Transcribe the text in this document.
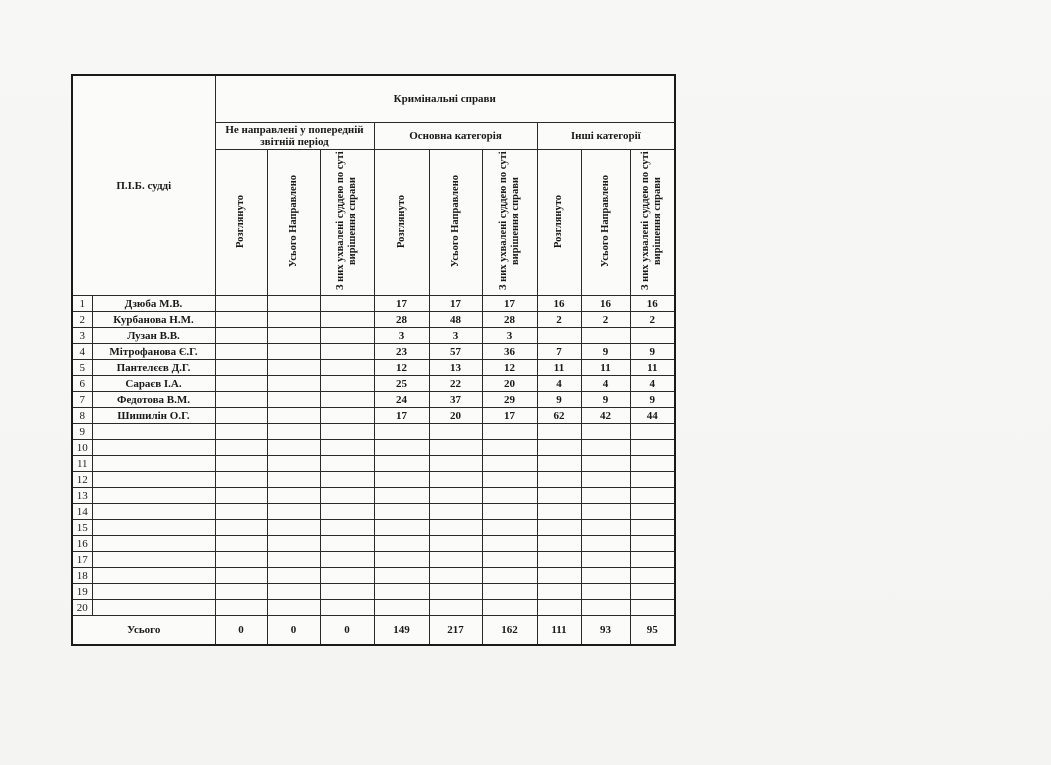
П.І.Б. судді		Кримінальні справи								
		Не направлені у попередній звітній період			Основна категорія			Інші категорії		
		Розглянуто	Усього Направлено	З них ухвалені суддею по суті вирішення справи	Розглянуто	Усього Направлено	З них ухвалені суддею по суті вирішення справи	Розглянуто	Усього Направлено	З них ухвалені суддею по суті вирішення справи
1	Дзюба М.В.				17	17	17	16	16	16
2	Курбанова Н.М.				28	48	28	2	2	2
3	Лузан В.В.				3	3	3			
4	Мітрофанова Є.Г.				23	57	36	7	9	9
5	Пантелєєв Д.Г.				12	13	12	11	11	11
6	Сараєв І.А.				25	22	20	4	4	4
7	Федотова В.М.				24	37	29	9	9	9
8	Шишилін О.Г.				17	20	17	62	42	44
9										
10										
11										
12										
13										
14										
15										
16										
17										
18										
19										
20										
Усього		0	0	0	149	217	162	111	93	95
